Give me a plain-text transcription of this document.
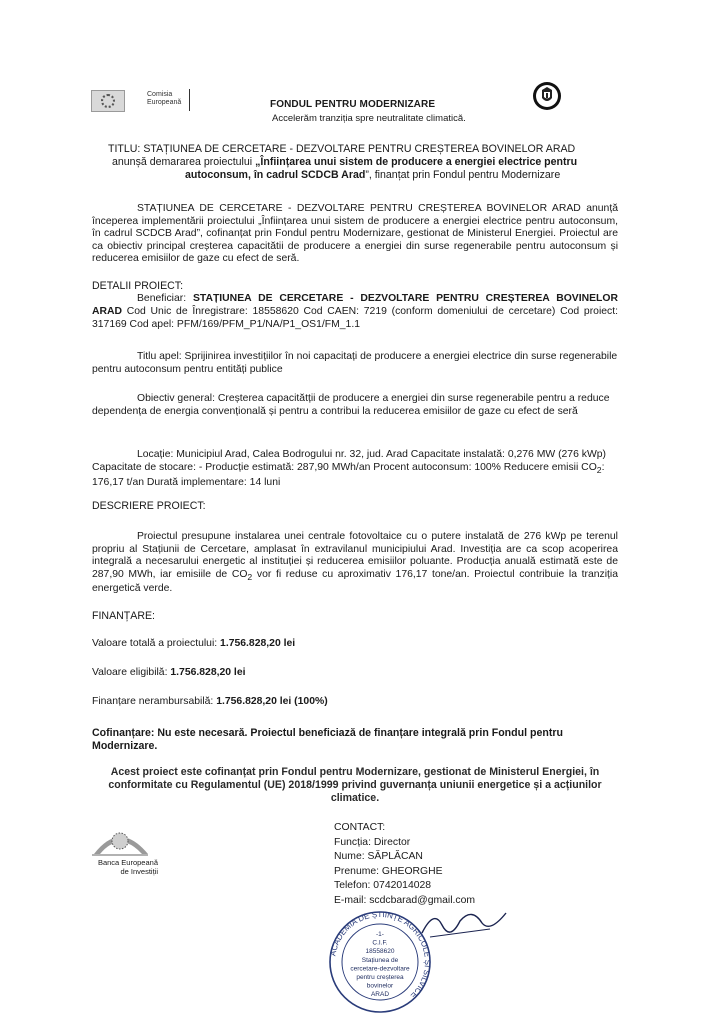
Comisia
Europeană	FONDUL PENTRU MODERNIZARE
Accelerăm tranziția spre neutralitate climatică.
TITLU: STAȚIUNEA DE CERCETARE - DEZVOLTARE PENTRU CREȘTEREA BOVINELOR ARAD
anunșă demararea proiectului „Înființarea unui sistem de producere a energiei electrice pentru
autoconsum, în cadrul SCDCB Arad”, finanțat prin Fondul pentru Modernizare
STAȚIUNEA DE CERCETARE - DEZVOLTARE PENTRU CREȘTEREA BOVINELOR ARAD anunță începerea implementării proiectului „Înființarea unui sistem de producere a energiei electrice pentru autoconsum, în cadrul SCDCB Arad”, cofinanțat prin Fondul pentru Modernizare, gestionat de Ministerul Energiei. Proiectul are ca obiectiv principal creșterea capacitătii de producere a energiei din surse regenerabile pentru autoconsum și reducerea emisiilor de gaze cu efect de seră.
DETALII PROIECT:
Beneficiar: STAȚIUNEA DE CERCETARE - DEZVOLTARE PENTRU CREȘTEREA BOVINELOR ARAD Cod Unic de Înregistrare: 18558620 Cod CAEN: 7219 (conform domeniului de cercetare) Cod proiect: 317169 Cod apel: PFM/169/PFM_P1/NA/P1_OS1/FM_1.1
Titlu apel: Sprijinirea investițiilor în noi capacitați de producere a energiei electrice din surse regenerabile pentru autoconsum pentru entități publice
Obiectiv general: Creșterea capacitătții de producere a energiei din surse regenerabile pentru a reduce dependența de energia convențională și pentru a contribui la reducerea emisiilor de gaze cu efect de seră
Locație: Municipiul Arad, Calea Bodrogului nr. 32, jud. Arad Capacitate instalată: 0,276 MW (276 kWp) Capacitate de stocare: - Producție estimată: 287,90 MWh/an Procent autoconsum: 100% Reducere emisii $CO_2$: 176,17 t/an Durată implementare: 14 luni
DESCRIERE PROIECT:
Proiectul presupune instalarea unei centrale fotovoltaice cu o putere instalată de 276 kWp pe terenul propriu al Stațiunii de Cercetare, amplasat în extravilanul municipiului Arad. Investiția are ca scop acoperirea integrală a necesarului energetic al instituției și reducerea emisiilor poluante. Producția anuală estimată este de 287,90 MWh, iar emisiile de $CO_2$ vor fi reduse cu aproximativ 176,17 tone/an. Proiectul contribuie la tranziția energetică verde.
FINANȚARE:
Valoare totală a proiectului: 1.756.828,20 lei
Valoare eligibilă: 1.756.828,20 lei
Finanțare nerambursabilă: 1.756.828,20 lei (100%)
Cofinanțare: Nu este necesară. Proiectul beneficiază de finanțare integrală prin Fondul pentru Modernizare.
Acest proiect este cofinanțat prin Fondul pentru Modernizare, gestionat de Ministerul Energiei, în conformitate cu Regulamentul (UE) 2018/1999 privind guvernanța uniunii energetice și a acțiunilor climatice.
Banca Europeană
de Investiții
CONTACT:
Funcția: Director
Nume: SĂPLĂCAN
Prenume: GHEORGHE
Telefon: 0742014028
E-mail: scdcbarad@gmail.com
ACADEMIA DE ȘTIINȚE AGRICOLE ȘI SILVICE
-1-
C.I.F.
18558620
Stațiunea de
cercetare-dezvoltare
pentru creșterea
bovinelor
ARAD
